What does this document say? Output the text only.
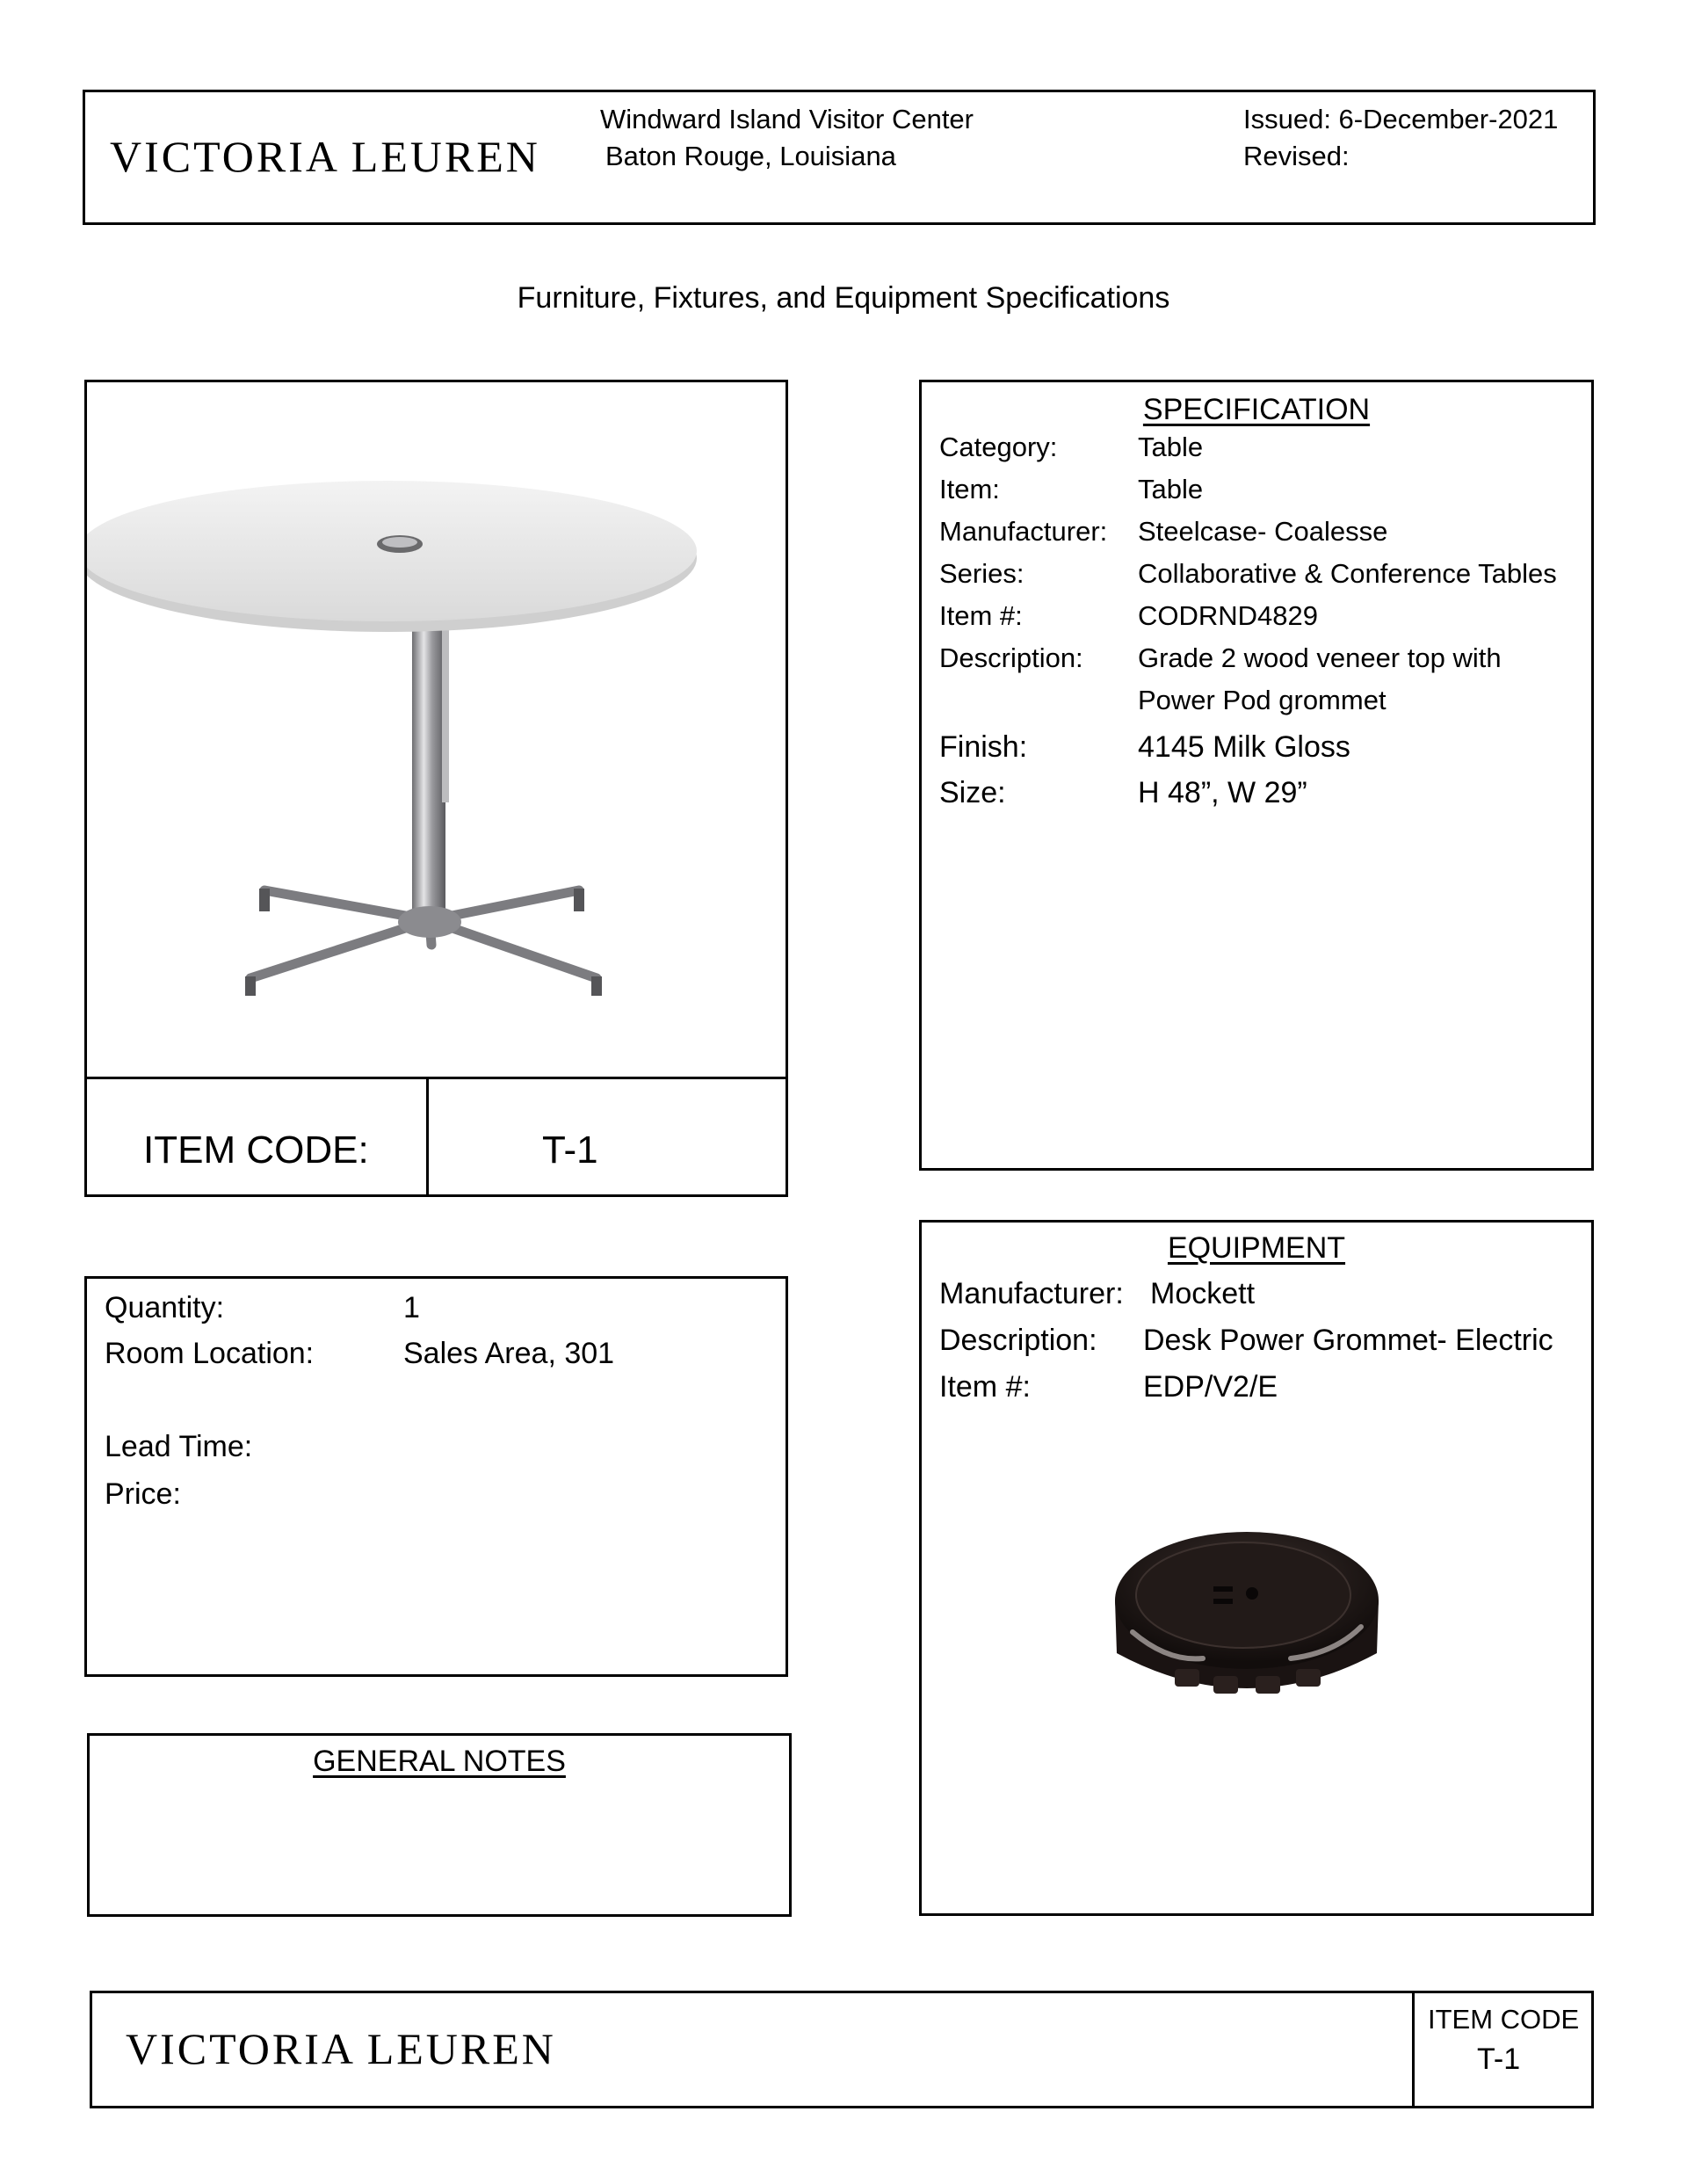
VICTORIA LEUREN
Windward Island Visitor Center
Baton Rouge, Louisiana
Issued: 6-December-2021
Revised:
Furniture, Fixtures, and Equipment Specifications
ITEM CODE:	T-1
SPECIFICATION
Category:	Table
Item:	Table
Manufacturer:	Steelcase- Coalesse
Series:	Collaborative & Conference Tables
Item #:	CODRND4829
Description:	Grade 2 wood veneer top with
Power Pod grommet
Finish:	4145 Milk Gloss
Size:	H 48”, W 29”
Quantity:	1
Room Location:	Sales Area, 301
Lead Time:
Price:
GENERAL NOTES
EQUIPMENT
Manufacturer: Mockett
Description:	Desk Power Grommet- Electric
Item #:	EDP/V2/E
VICTORIA LEUREN
ITEM CODE
T-1
